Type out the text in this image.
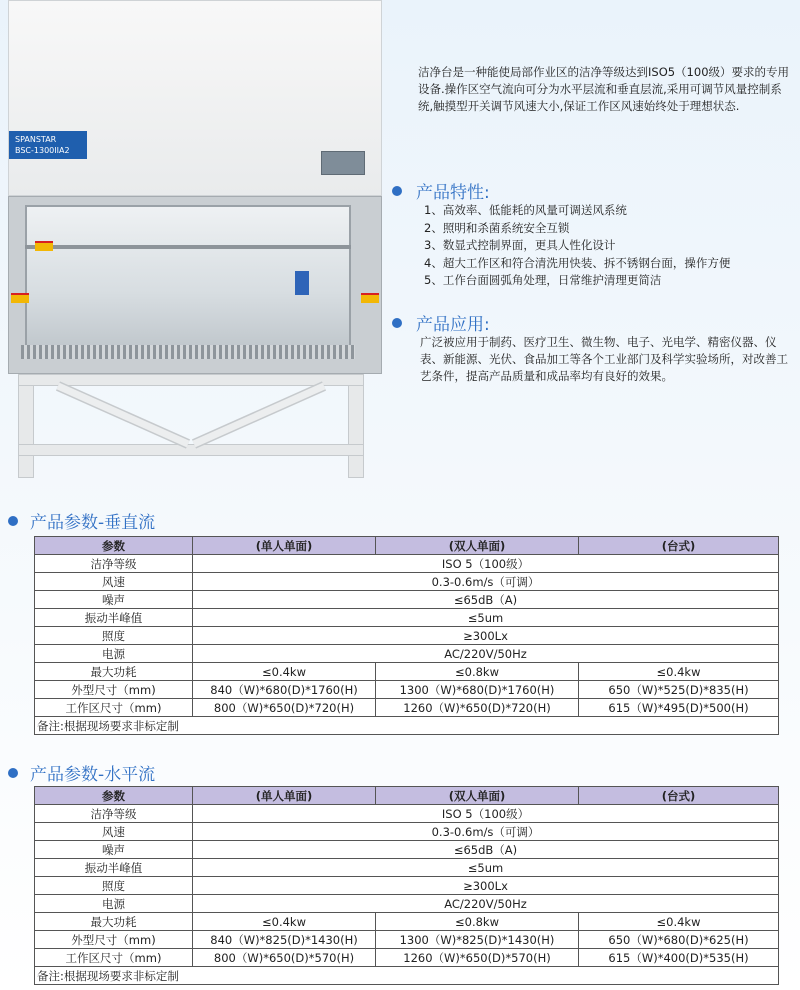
SPANSTAR
BSC-1300IIA2
洁净台是一种能使局部作业区的洁净等级达到ISO5（100级）要求的专用设备.操作区空气流向可分为水平层流和垂直层流,采用可调节风量控制系统,触摸型开关调节风速大小,保证工作区风速始终处于理想状态.
产品特性:
1、高效率、低能耗的风量可调送风系统
2、照明和杀菌系统安全互锁
3、数显式控制界面，更具人性化设计
4、超大工作区和符合清洗用快装、拆不锈钢台面，操作方便
5、工作台面圆弧角处理，日常维护清理更简洁
产品应用:
广泛被应用于制药、医疗卫生、微生物、电子、光电学、精密仪器、仪表、新能源、光伏、食品加工等各个工业部门及科学实验场所，对改善工艺条件，提高产品质量和成品率均有良好的效果。
产品参数-垂直流
参数	(单人单面)	(双人单面)	(台式)
洁净等级	ISO 5（100级）		
风速	0.3-0.6m/s（可调）		
噪声	≤65dB（A)		
振动半峰值	≤5um		
照度	≥300Lx		
电源	AC/220V/50Hz		
最大功耗	≤0.4kw	≤0.8kw	≤0.4kw
外型尺寸（mm)	840（W)*680(D)*1760(H)	1300（W)*680(D)*1760(H)	650（W)*525(D)*835(H)
工作区尺寸（mm)	800（W)*650(D)*720(H)	1260（W)*650(D)*720(H)	615（W)*495(D)*500(H)
备注:根据现场要求非标定制			
产品参数-水平流
参数	(单人单面)	(双人单面)	(台式)
洁净等级	ISO 5（100级）		
风速	0.3-0.6m/s（可调）		
噪声	≤65dB（A)		
振动半峰值	≤5um		
照度	≥300Lx		
电源	AC/220V/50Hz		
最大功耗	≤0.4kw	≤0.8kw	≤0.4kw
外型尺寸（mm)	840（W)*825(D)*1430(H)	1300（W)*825(D)*1430(H)	650（W)*680(D)*625(H)
工作区尺寸（mm)	800（W)*650(D)*570(H)	1260（W)*650(D)*570(H)	615（W)*400(D)*535(H)
备注:根据现场要求非标定制			
